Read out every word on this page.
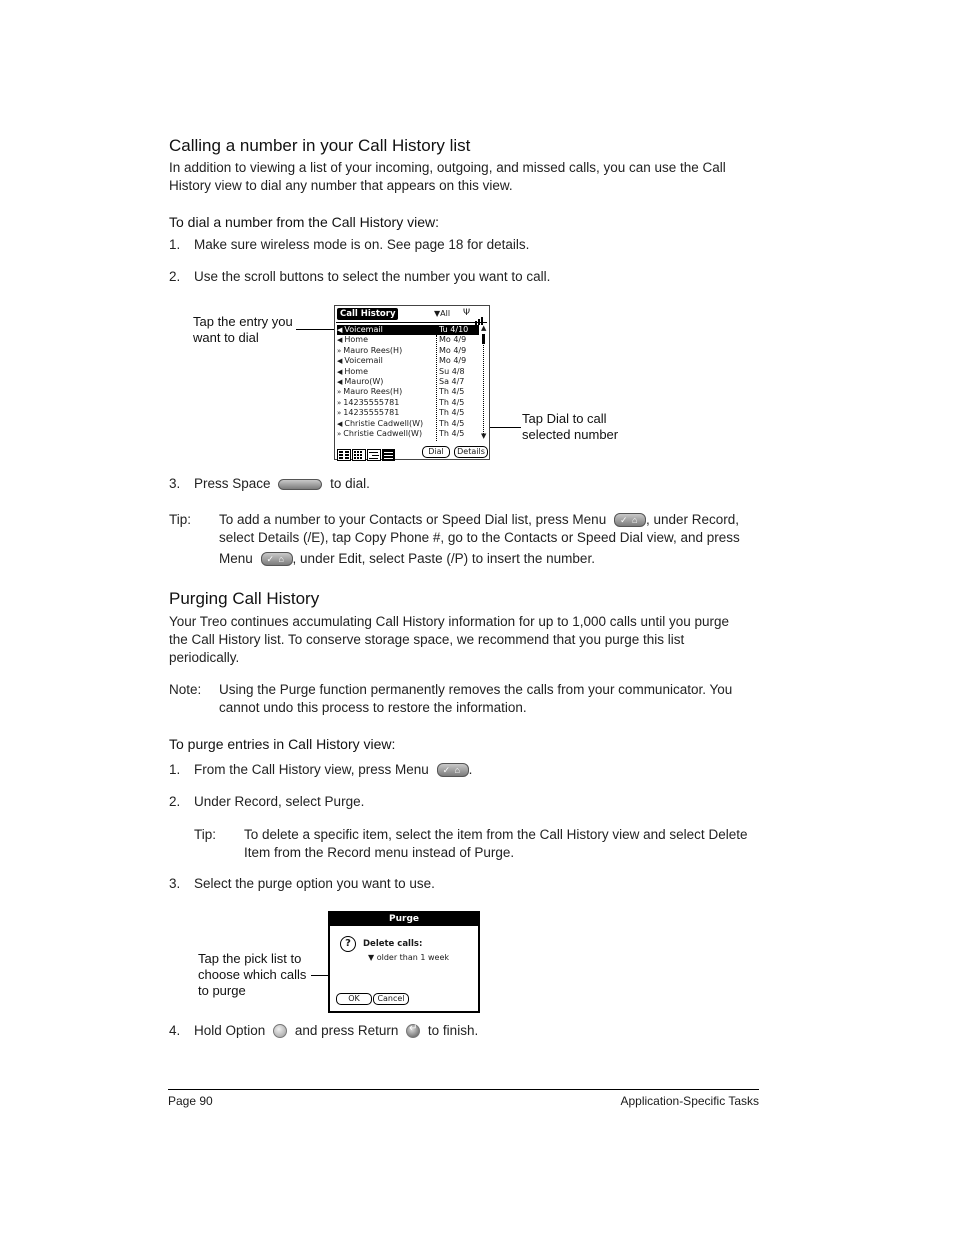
Calling a number in your Call History list
In addition to viewing a list of your incoming, outgoing, and missed calls, you can use the Call
History view to dial any number that appears on this view.
To dial a number from the Call History view:
1. Make sure wireless mode is on. See page 18 for details.
2. Use the scroll buttons to select the number you want to call.
Tap the entry you
want to dial
Tap Dial to call
selected number
Call History	▼All Ψ
◀ Voicemail	Tu 4/10
◀ Home	Mo 4/9
» Mauro Rees(H)	Mo 4/9
◀ Voicemail	Mo 4/9
◀ Home	Su 4/8
◀ Mauro(W)	Sa 4/7
» Mauro Rees(H)	Th 4/5
» 14235555781	Th 4/5
» 14235555781	Th 4/5
◀ Christie Cadwell(W)	Th 4/5
» Christie Cadwell(W)	Th 4/5
▲
▼
Dial	Details
3. Press Space	to dial.
Tip: To add a number to your Contacts or Speed Dial list, press Menu ✓ ⌂ , under Record,
select Details (/E), tap Copy Phone #, go to the Contacts or Speed Dial view, and press
Menu ✓ ⌂ , under Edit, select Paste (/P) to insert the number.
Purging Call History
Your Treo continues accumulating Call History information for up to 1,000 calls until you purge
the Call History list. To conserve storage space, we recommend that you purge this list
periodically.
Note: Using the Purge function permanently removes the calls from your communicator. You
cannot undo this process to restore the information.
To purge entries in Call History view:
1. From the Call History view, press Menu ✓ ⌂ .
2. Under Record, select Purge.
Tip: To delete a specific item, select the item from the Call History view and select Delete
Item from the Record menu instead of Purge.
3. Select the purge option you want to use.
Tap the pick list to
choose which calls
to purge
Purge
?	Delete calls:
▼ older than 1 week
OK	Cancel
4. Hold Option and press Return ↵ to finish.
Page 90	Application-Specific Tasks
